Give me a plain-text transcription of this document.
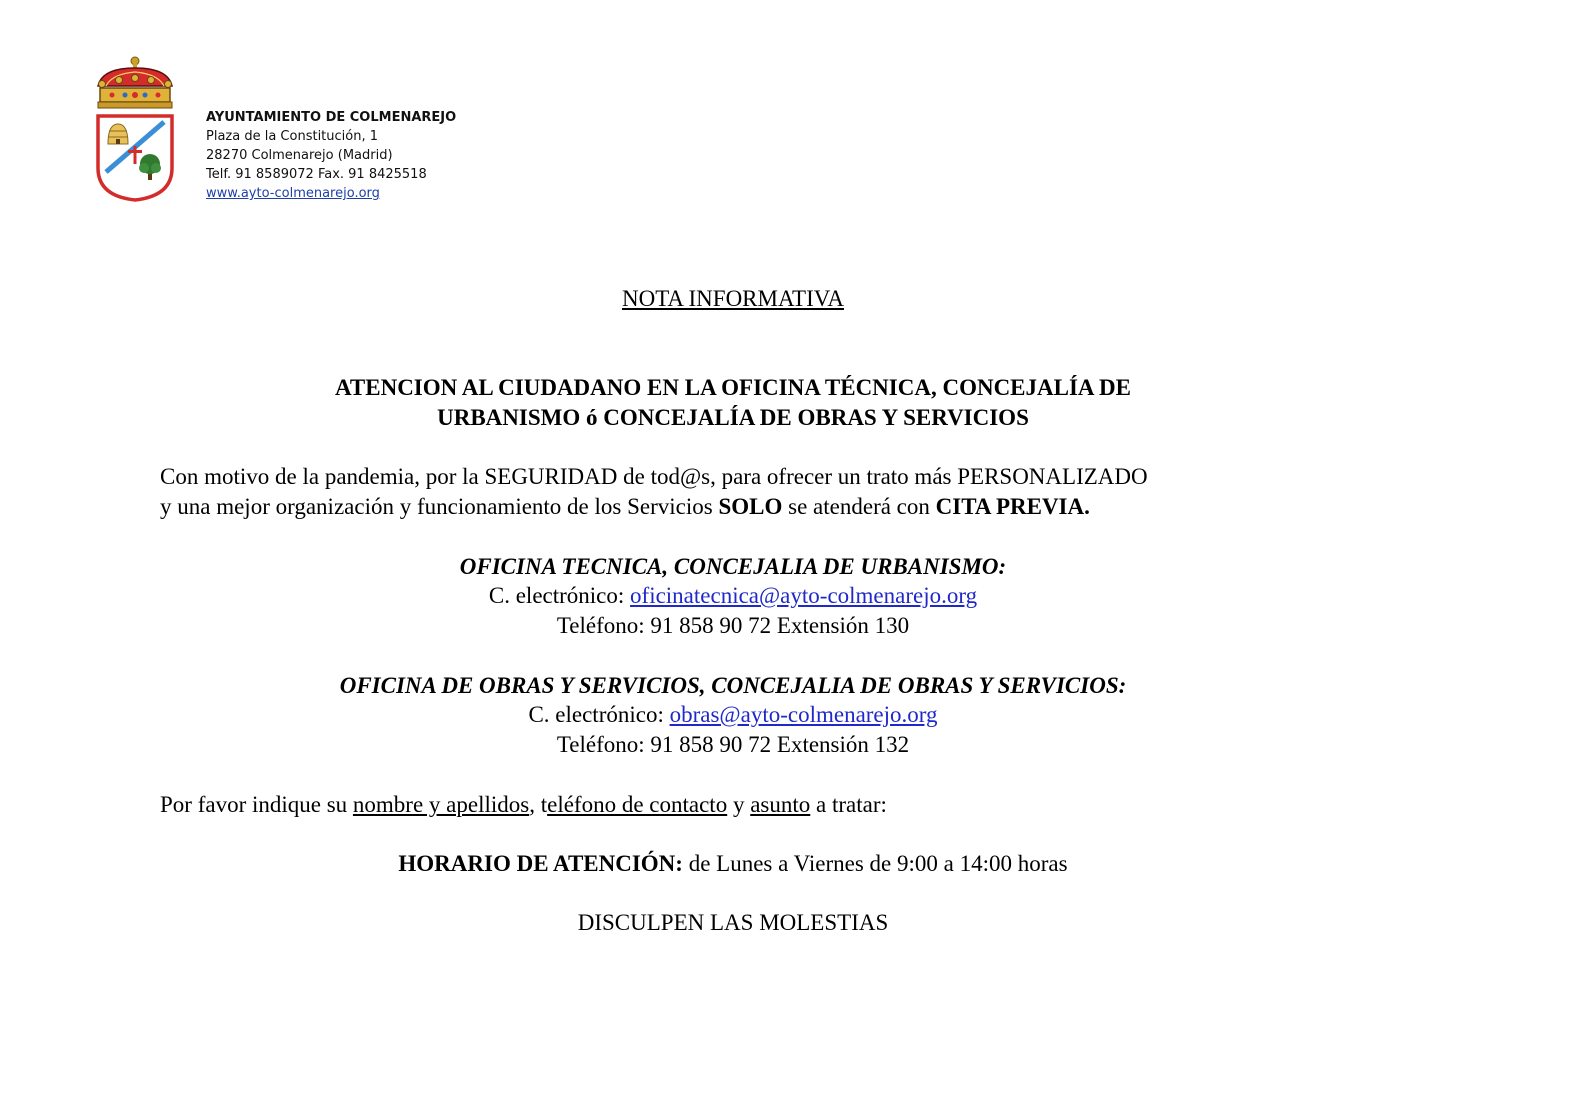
AYUNTAMIENTO DE COLMENAREJO
Plaza de la Constitución, 1
28270 Colmenarejo (Madrid)
Telf. 91 8589072 Fax. 91 8425518
www.ayto-colmenarejo.org
NOTA INFORMATIVA
ATENCION AL CIUDADANO EN LA OFICINA TÉCNICA, CONCEJALÍA DE
URBANISMO ó CONCEJALÍA DE OBRAS Y SERVICIOS
Con motivo de la pandemia, por la SEGURIDAD de tod@s, para ofrecer un trato más PERSONALIZADO
y una mejor organización y funcionamiento de los Servicios SOLO se atenderá con CITA PREVIA.
OFICINA TECNICA, CONCEJALIA DE URBANISMO:
C. electrónico: oficinatecnica@ayto-colmenarejo.org
Teléfono: 91 858 90 72 Extensión 130
OFICINA DE OBRAS Y SERVICIOS, CONCEJALIA DE OBRAS Y SERVICIOS:
C. electrónico: obras@ayto-colmenarejo.org
Teléfono: 91 858 90 72 Extensión 132
Por favor indique su nombre y apellidos, teléfono de contacto y asunto a tratar:
HORARIO DE ATENCIÓN: de Lunes a Viernes de 9:00 a 14:00 horas
DISCULPEN LAS MOLESTIAS
